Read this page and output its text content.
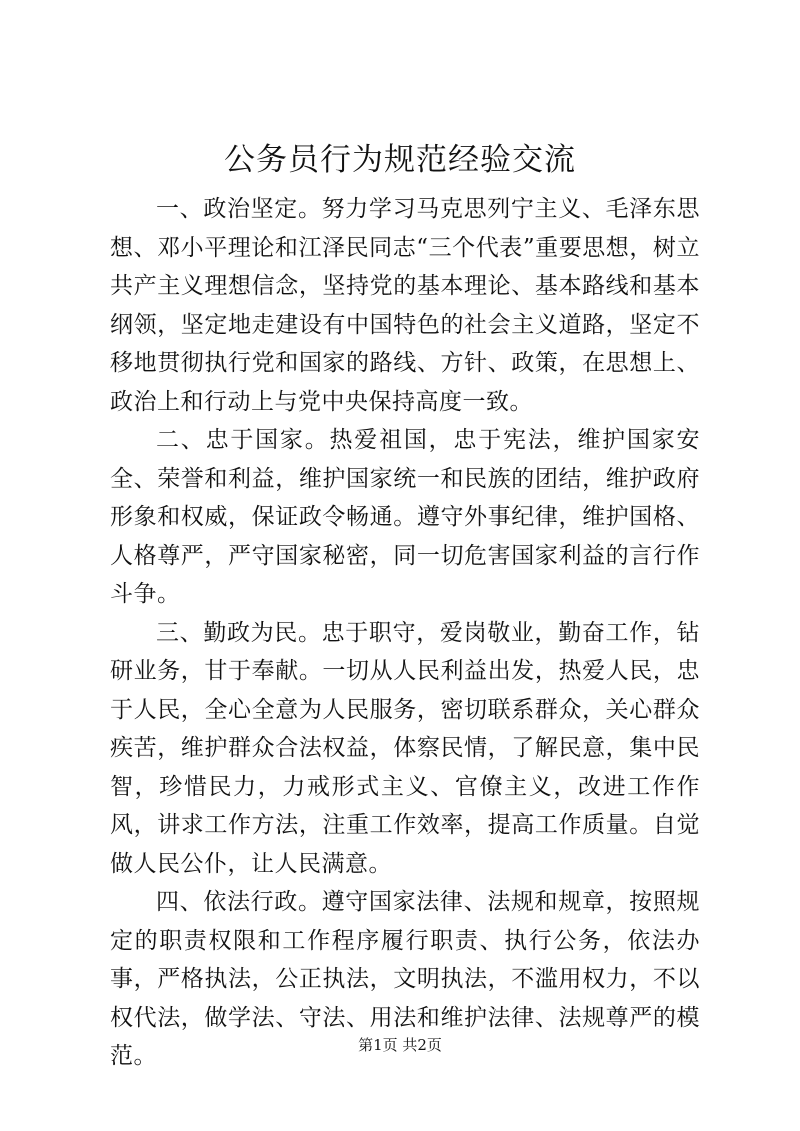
公务员行为规范经验交流

一、政治坚定。努力学习马克思列宁主义、毛泽东思想、邓小平理论和江泽民同志“三个代表”重要思想，树立共产主义理想信念，坚持党的基本理论、基本路线和基本纲领，坚定地走建设有中国特色的社会主义道路，坚定不移地贯彻执行党和国家的路线、方针、政策，在思想上、政治上和行动上与党中央保持高度一致。

二、忠于国家。热爱祖国，忠于宪法，维护国家安全、荣誉和利益，维护国家统一和民族的团结，维护政府形象和权威，保证政令畅通。遵守外事纪律，维护国格、人格尊严，严守国家秘密，同一切危害国家利益的言行作斗争。

三、勤政为民。忠于职守，爱岗敬业，勤奋工作，钻研业务，甘于奉献。一切从人民利益出发，热爱人民，忠于人民，全心全意为人民服务，密切联系群众，关心群众疾苦，维护群众合法权益，体察民情，了解民意，集中民智，珍惜民力，力戒形式主义、官僚主义，改进工作作风，讲求工作方法，注重工作效率，提高工作质量。自觉做人民公仆，让人民满意。

四、依法行政。遵守国家法律、法规和规章，按照规定的职责权限和工作程序履行职责、执行公务，依法办事，严格执法，公正执法，文明执法，不滥用权力，不以权代法，做学法、守法、用法和维护法律、法规尊严的模范。	第1页 共2页
